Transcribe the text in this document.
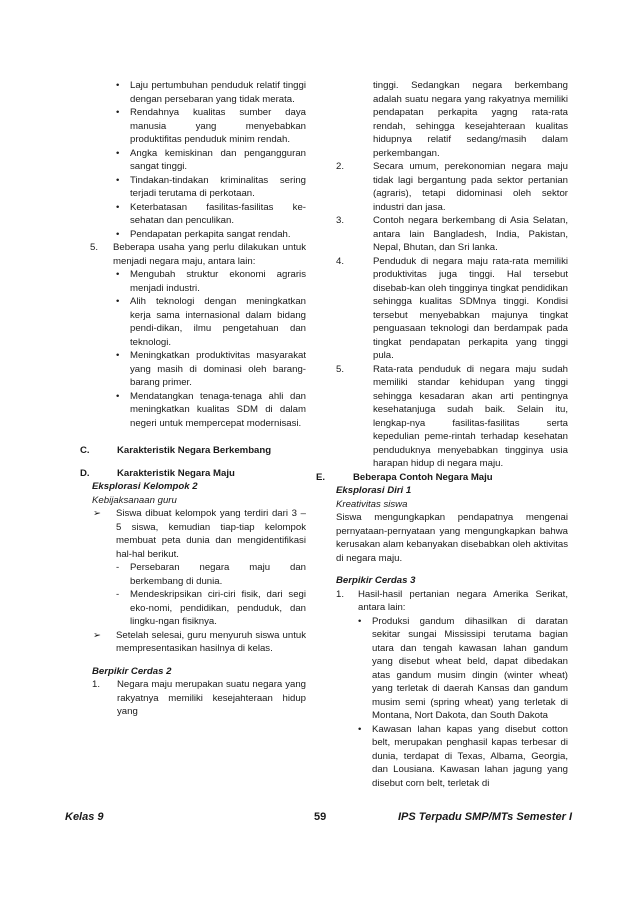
• Laju pertumbuhan penduduk relatif tinggi dengan persebaran yang tidak merata.
• Rendahnya kualitas sumber daya manusia yang menyebabkan produktifitas penduduk minim rendah.
• Angka kemiskinan dan pengangguran sangat tinggi.
• Tindakan-tindakan kriminalitas sering terjadi terutama di perkotaan.
• Keterbatasan fasilitas-fasilitas ke-sehatan dan penculikan.
• Pendapatan perkapita sangat rendah.
5. Beberapa usaha yang perlu dilakukan untuk menjadi negara maju, antara lain:
• Mengubah struktur ekonomi agraris menjadi industri.
• Alih teknologi dengan meningkatkan kerja sama internasional dalam bidang pendi-dikan, ilmu pengetahuan dan teknologi.
• Meningkatkan produktivitas masyarakat yang masih di dominasi oleh barang-barang primer.
• Mendatangkan tenaga-tenaga ahli dan meningkatkan kualitas SDM di dalam negeri untuk mempercepat modernisasi.
C.	Karakteristik Negara Berkembang
D.	Karakteristik Negara Maju
Eksplorasi Kelompok 2
Kebijaksanaan guru
➢ Siswa dibuat kelompok yang terdiri dari 3 – 5 siswa, kemudian tiap-tiap kelompok membuat peta dunia dan mengidentifikasi hal-hal berikut.
- Persebaran negara maju dan berkembang di dunia.
- Mendeskripsikan ciri-ciri fisik, dari segi eko-nomi, pendidikan, penduduk, dan lingku-ngan fisiknya.
➢ Setelah selesai, guru menyuruh siswa untuk mempresentasikan hasilnya di kelas.
Berpikir Cerdas 2
1. Negara maju merupakan suatu negara yang rakyatnya memiliki kesejahteraan hidup yang
tinggi. Sedangkan negara berkembang adalah suatu negara yang rakyatnya memiliki pendapatan perkapita yagng rata-rata rendah, sehingga kesejahteraan kualitas hidupnya relatif sedang/masih dalam perkembangan.
2.	Secara umum, perekonomian negara maju tidak lagi bergantung pada sektor pertanian (agraris), tetapi didominasi oleh sektor industri dan jasa.
3.	Contoh negara berkembang di Asia Selatan, antara lain Bangladesh, India, Pakistan, Nepal, Bhutan, dan Sri lanka.
4.	Penduduk di negara maju rata-rata memiliki produktivitas juga tinggi. Hal tersebut disebab-kan oleh tingginya tingkat pendidikan sehingga kualitas SDMnya tinggi. Kondisi tersebut menyebabkan majunya tingkat penguasaan teknologi dan berdampak pada tingkat pendapatan perkapita yang tinggi pula.
5.	Rata-rata penduduk di negara maju sudah memiliki standar kehidupan yang tinggi sehingga kesadaran akan arti pentingnya kesehatanjuga sudah baik. Selain itu, lengkap-nya fasilitas-fasilitas serta kepedulian peme-rintah terhadap kesehatan penduduknya menyebabkan tingginya usia harapan hidup di negara maju.
E.	Beberapa Contoh Negara Maju
Eksplorasi Diri 1
Kreativitas siswa
Siswa mengungkapkan pendapatnya mengenai pernyataan-pernyataan yang mengungkapkan bahwa kerusakan alam kebanyakan disebabkan oleh aktivitas di negara maju.
Berpikir Cerdas 3
1. Hasil-hasil pertanian negara Amerika Serikat, antara lain:
• Produksi gandum dihasilkan di daratan sekitar sungai Mississipi terutama bagian utara dan tengah kawasan lahan gandum yang disebut wheat beld, dapat dibedakan atas gandum musim dingin (winter wheat) yang terletak di daerah Kansas dan gandum musim semi (spring wheat) yang terletak di Montana, Nort Dakota, dan South Dakota
• Kawasan lahan kapas yang disebut cotton belt, merupakan penghasil kapas terbesar di dunia, terdapat di Texas, Albama, Georgia, dan Lousiana. Kawasan lahan jagung yang disebut corn belt, terletak di
Kelas 9	59	IPS Terpadu SMP/MTs Semester I
